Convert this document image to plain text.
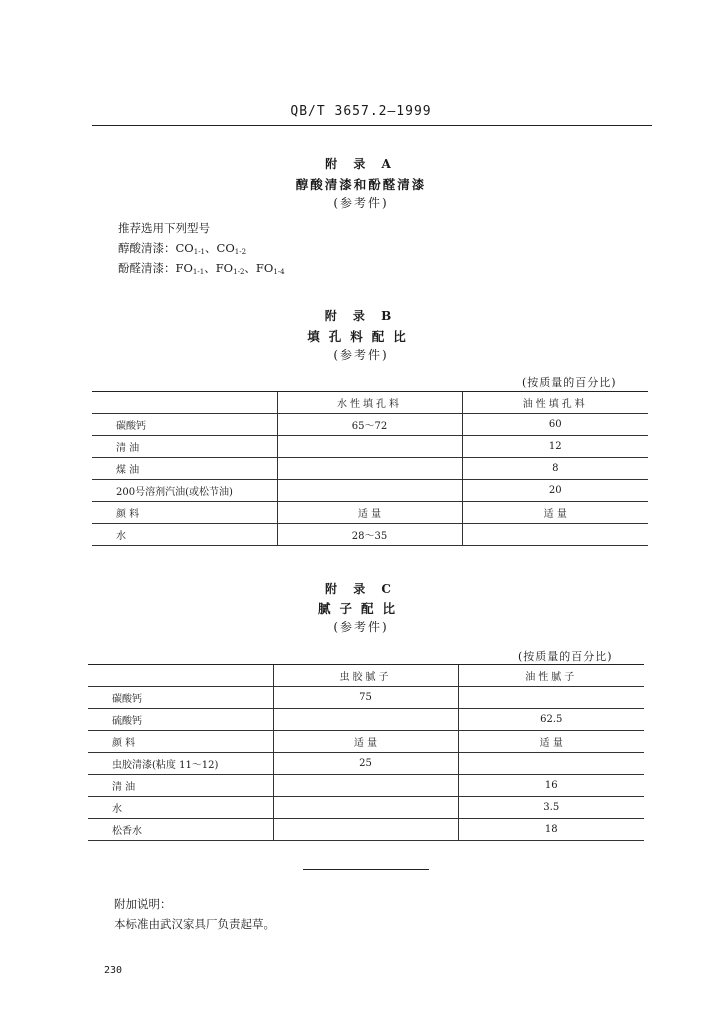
QB/T 3657.2—1999
附 录 A
醇酸清漆和酚醛清漆
(参考件)
推荐选用下列型号
醇酸清漆：$CO_{1-1}$、$CO_{1-2}$
酚醛清漆：$FO_{1-1}$、$FO_{1-2}$、$FO_{1-4}$
附 录 B
填孔料配比
(参考件)
(按质量的百分比)
	水性填孔料	油性填孔料
碳酸钙	65～72	60
清 油		12
煤 油		8
200号溶剂汽油(或松节油)		20
颜 料	适 量	适 量
水	28～35	
附 录 C
腻子配比
(参考件)
(按质量的百分比)
	虫胶腻子	油性腻子
碳酸钙	75	
硫酸钙		62.5
颜 料	适 量	适 量
虫胶清漆(粘度 11～12)	25	
清 油		16
水		3.5
松香水		18
附加说明：
本标准由武汉家具厂负责起草。
230
